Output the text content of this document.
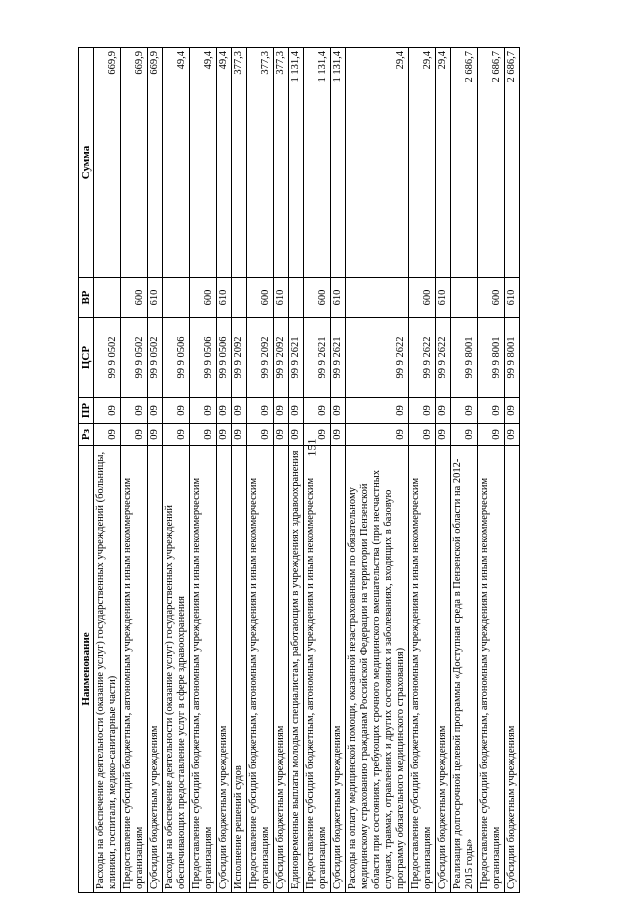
151
Наименование	Рз	ПР	ЦСР	ВР	Сумма
Расходы на обеспечение деятельности (оказание услуг) государственных учреждений (больницы, клиники, госпитали, медико-санитарные части)	09	09	99 9 0502		669,9
Предоставление субсидий бюджетным, автономным учреждениям и иным некоммерческим организациям	09	09	99 9 0502	600	669,9
Субсидии бюджетным учреждениям	09	09	99 9 0502	610	669,9
Расходы на обеспечение деятельности (оказание услуг) государственных учреждений обеспечивающих предоставление услуг в сфере здравоохранения	09	09	99 9 0506		49,4
Предоставление субсидий бюджетным, автономным учреждениям и иным некоммерческим организациям	09	09	99 9 0506	600	49,4
Субсидии бюджетным учреждениям	09	09	99 9 0506	610	49,4
Исполнение решений судов	09	09	99 9 2092		377,3
Предоставление субсидий бюджетным, автономным учреждениям и иным некоммерческим организациям	09	09	99 9 2092	600	377,3
Субсидии бюджетным учреждениям	09	09	99 9 2092	610	377,3
Единовременные выплаты молодым специалистам, работающим в учреждениях здравоохранения	09	09	99 9 2621		1 131,4
Предоставление субсидий бюджетным, автономным учреждениям и иным некоммерческим организациям	09	09	99 9 2621	600	1 131,4
Субсидии бюджетным учреждениям	09	09	99 9 2621	610	1 131,4
Расходы на оплату медицинской помощи, оказанной незастрахованным по обязательному медицинскому страхованию гражданам Российской Федерации на территории Пензенской области при состояниях, требующих срочного медицинского вмешательства (при несчастных случаях, травмах, отравлениях и других состояниях и заболеваниях, входящих в базовую программу обязательного медицинского страхования)	09	09	99 9 2622		29,4
Предоставление субсидий бюджетным, автономным учреждениям и иным некоммерческим организациям	09	09	99 9 2622	600	29,4
Субсидии бюджетным учреждениям	09	09	99 9 2622	610	29,4
Реализация долгосрочной целевой программы «Доступная среда в Пензенской области на 2012-2015 годы»	09	09	99 9 8001		2 686,7
Предоставление субсидий бюджетным, автономным учреждениям и иным некоммерческим организациям	09	09	99 9 8001	600	2 686,7
Субсидии бюджетным учреждениям	09	09	99 9 8001	610	2 686,7
